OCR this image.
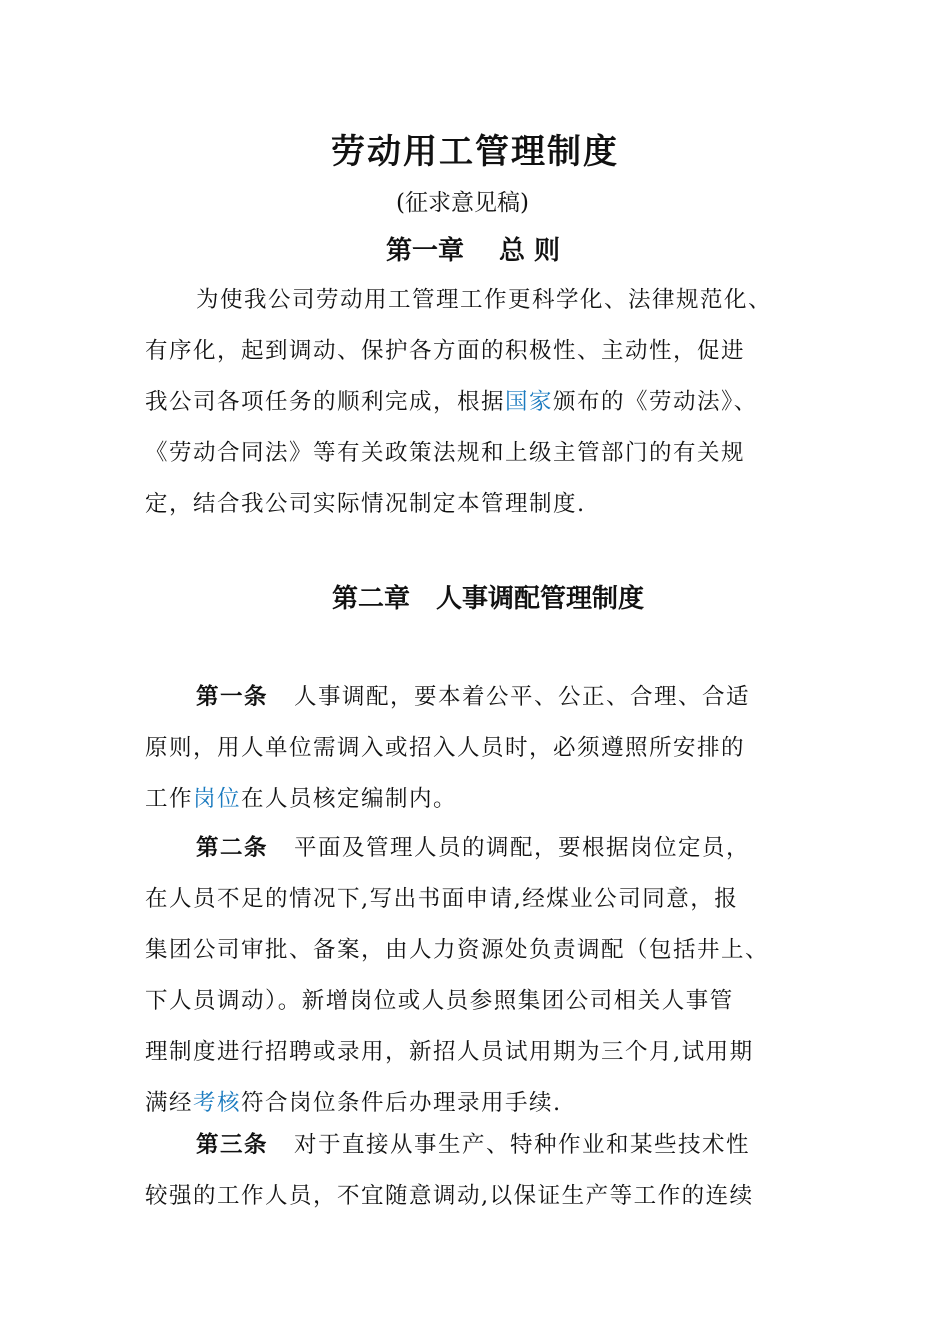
劳动用工管理制度
(征求意见稿)
第一章　 总 则
为使我公司劳动用工管理工作更科学化、法律规范化、
有序化，起到调动、保护各方面的积极性、主动性，促进
我公司各项任务的顺利完成，根据国家颁布的《劳动法》、
《劳动合同法》等有关政策法规和上级主管部门的有关规
定，结合我公司实际情况制定本管理制度.
第二章　人事调配管理制度
第一条 人事调配，要本着公平、公正、合理、合适
原则，用人单位需调入或招入人员时，必须遵照所安排的
工作岗位在人员核定编制内。
第二条 平面及管理人员的调配，要根据岗位定员，
在人员不足的情况下,写出书面申请,经煤业公司同意，报
集团公司审批、备案，由人力资源处负责调配（包括井上、
下人员调动）。新增岗位或人员参照集团公司相关人事管
理制度进行招聘或录用，新招人员试用期为三个月,试用期
满经考核符合岗位条件后办理录用手续.
第三条 对于直接从事生产、特种作业和某些技术性
较强的工作人员，不宜随意调动,以保证生产等工作的连续
